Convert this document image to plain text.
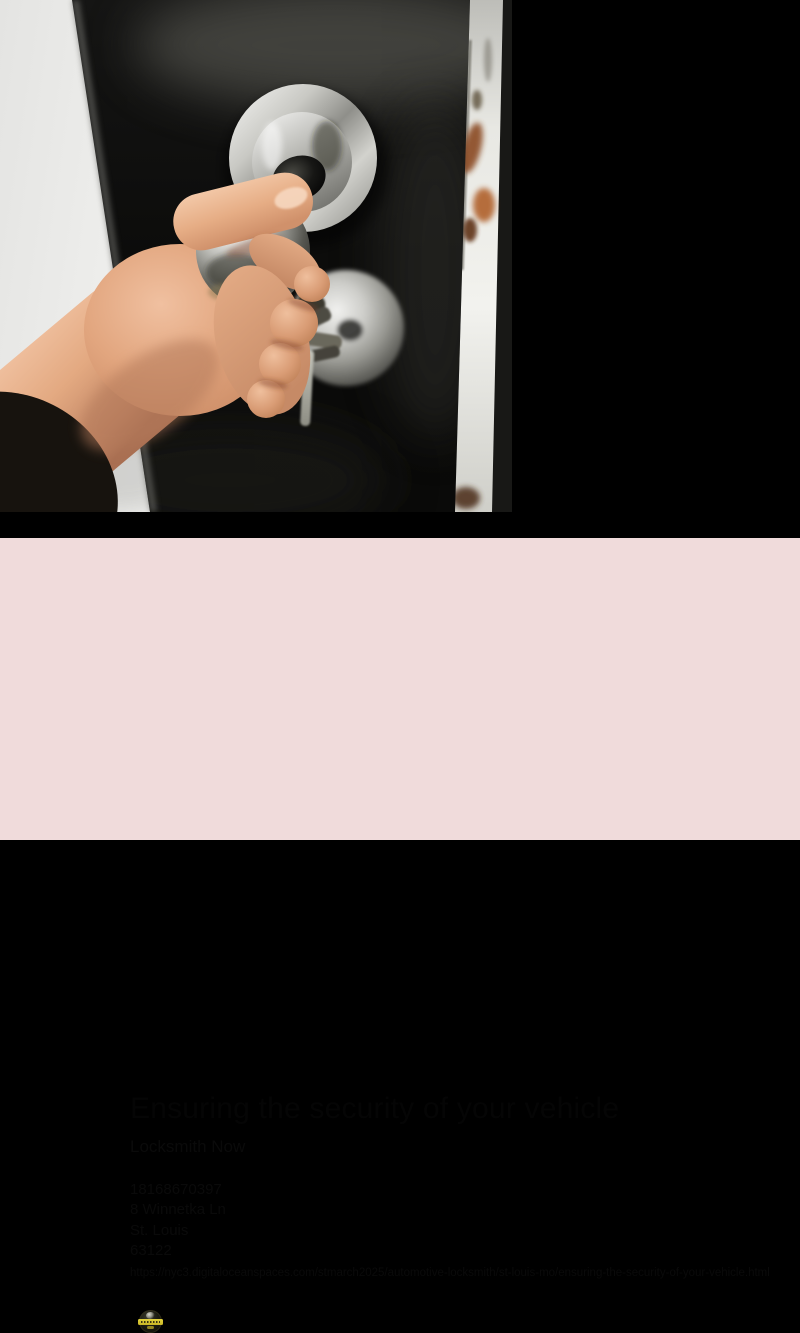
Ensuring the security of your vehicle
Locksmith Now
18168670397
8 Winnetka Ln
St. Louis
63122
https://nyc3.digitaloceanspaces.com/stmarch2025/automotive-locksmith/st-louis-mo/ensuring-the-security-of-your-vehicle.html
